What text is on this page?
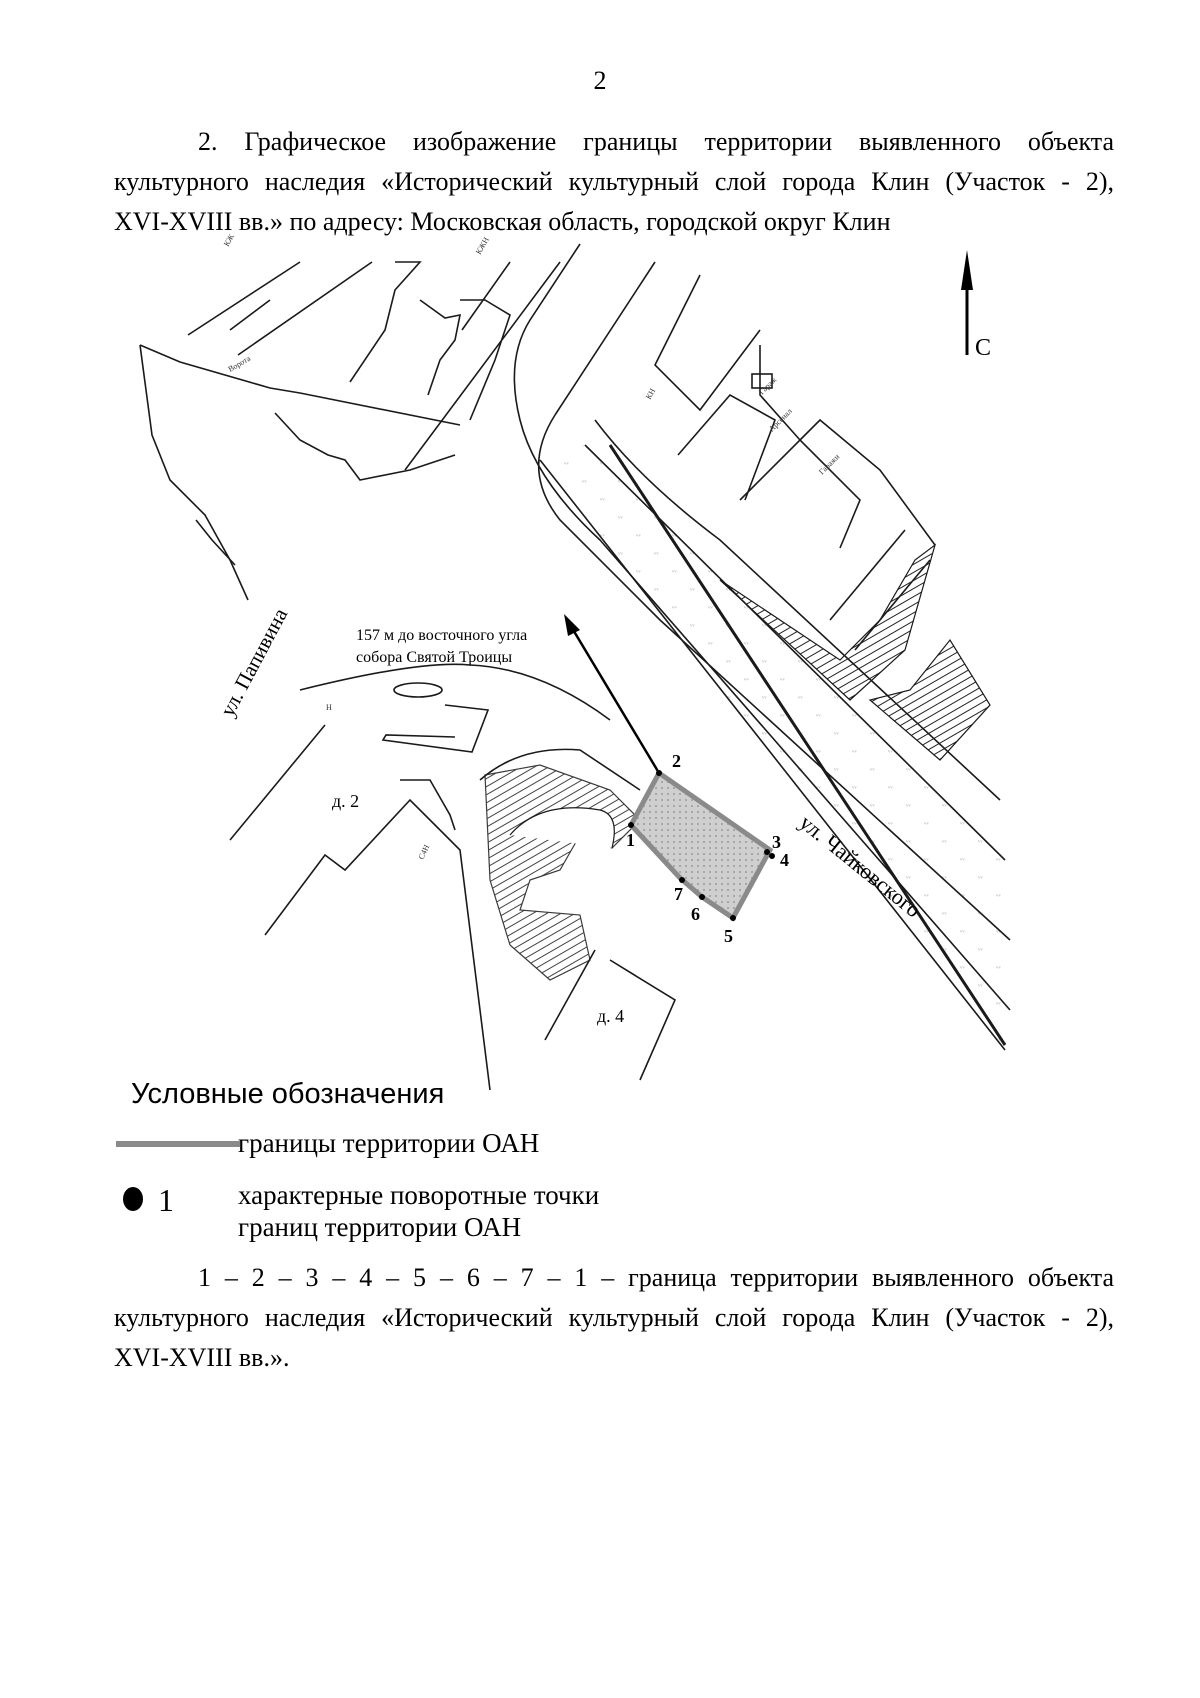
2
2. Графическое изображение границы территории выявленного объекта
культурного наследия «Исторический культурный слой города Клин (Участок - 2),
XVI-XVIII вв.» по адресу: Московская область, городской округ Клин
С
157 м до восточного угла
собора Святой Троицы
1
2
3
4
5
6
7
ул. Папивина
ул. Чайковского
д. 2
д. 4
КЖ	КЖН
Ворота
Гараж
Гаражи
Арсенал
Н
КН
С4Н
Условные обозначения
границы территории ОАН
1 характерные поворотные точки
границ территории ОАН
1 – 2 – 3 – 4 – 5 – 6 – 7 – 1 – граница территории выявленного объекта
культурного наследия «Исторический культурный слой города Клин (Участок - 2),
XVI-XVIII вв.».
